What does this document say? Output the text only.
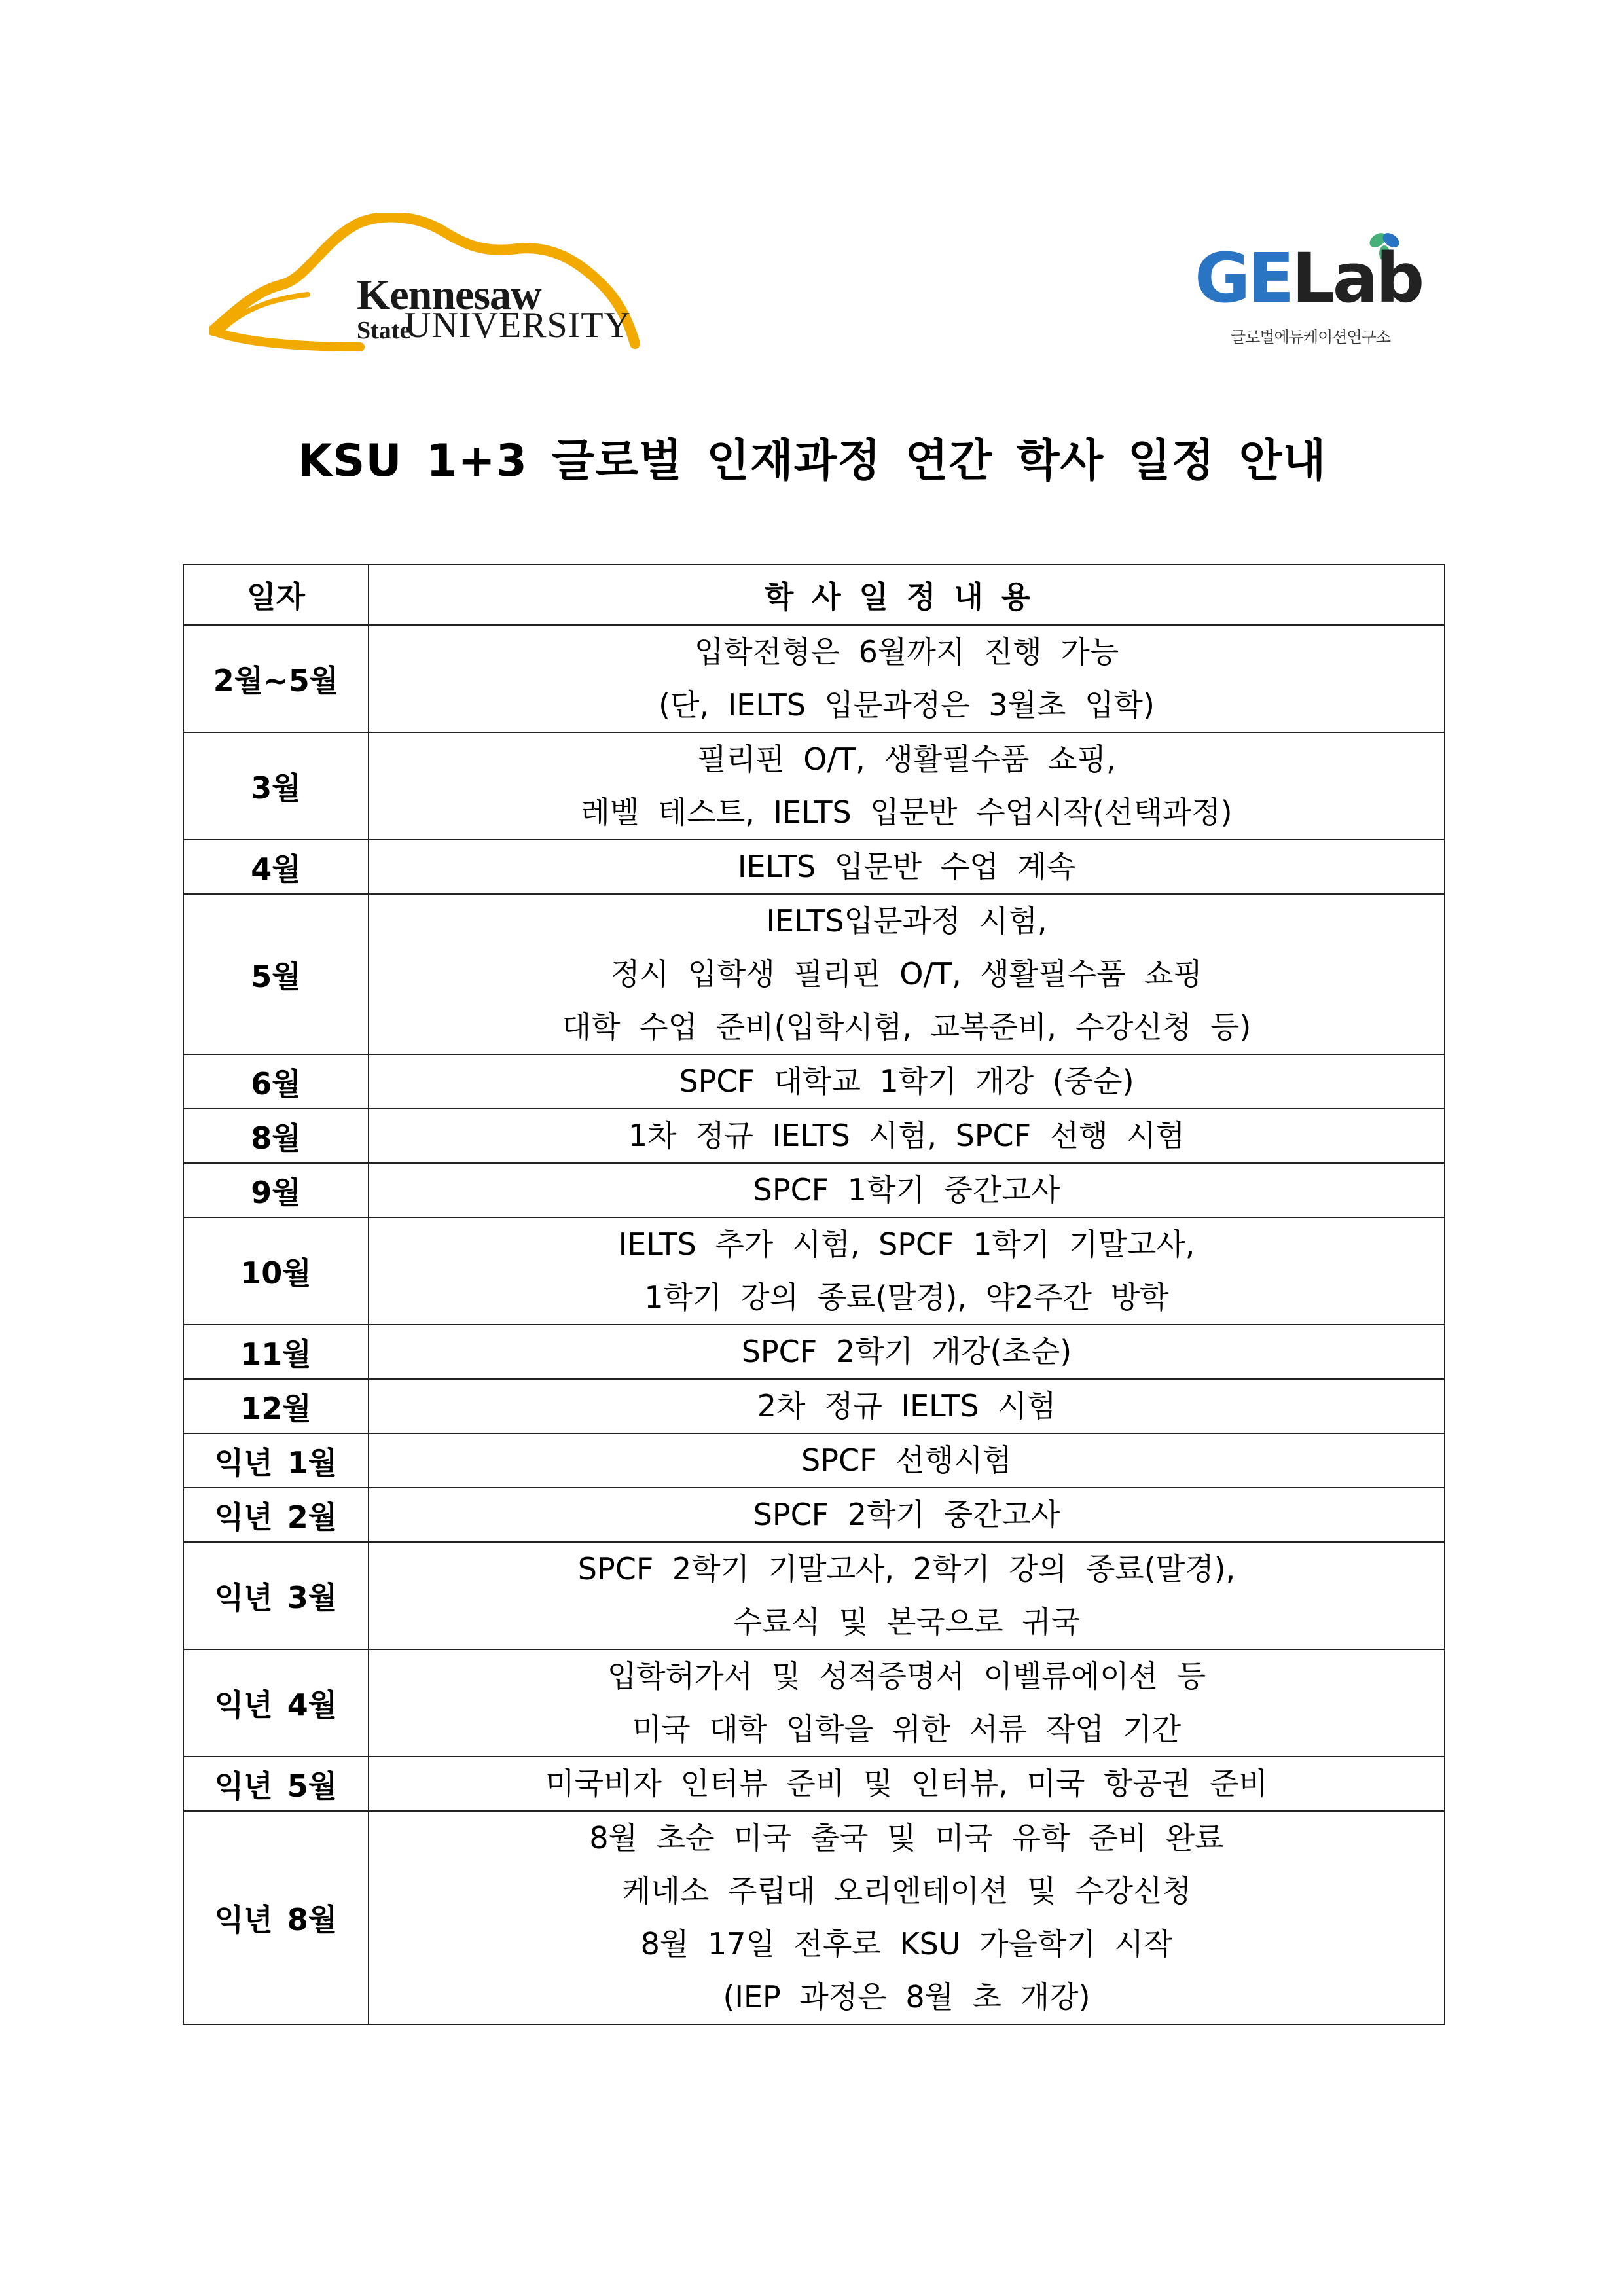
Kennesaw
State
UNIVERSITY
GELab
글로벌에듀케이션연구소
KSU 1+3 글로벌 인재과정 연간 학사 일정 안내
일자	학사일정내용
2월~5월	입학전형은 6월까지 진행 가능
(단, IELTS 입문과정은 3월초 입학)

3월	필리핀 O/T, 생활필수품 쇼핑,
레벨 테스트, IELTS 입문반 수업시작(선택과정)

4월	IELTS 입문반 수업 계속

5월	IELTS입문과정 시험,
정시 입학생 필리핀 O/T, 생활필수품 쇼핑
대학 수업 준비(입학시험, 교복준비, 수강신청 등)

6월	SPCF 대학교 1학기 개강 (중순)

8월	1차 정규 IELTS 시험, SPCF 선행 시험

9월	SPCF 1학기 중간고사

10월	IELTS 추가 시험, SPCF 1학기 기말고사,
1학기 강의 종료(말경), 약2주간 방학

11월	SPCF 2학기 개강(초순)

12월	2차 정규 IELTS 시험

익년 1월	SPCF 선행시험

익년 2월	SPCF 2학기 중간고사

익년 3월	SPCF 2학기 기말고사, 2학기 강의 종료(말경),
수료식 및 본국으로 귀국

익년 4월	입학허가서 및 성적증명서 이벨류에이션 등
미국 대학 입학을 위한 서류 작업 기간

익년 5월	미국비자 인터뷰 준비 및 인터뷰, 미국 항공권 준비

익년 8월	8월 초순 미국 출국 및 미국 유학 준비 완료
케네소 주립대 오리엔테이션 및 수강신청
8월 17일 전후로 KSU 가을학기 시작
(IEP 과정은 8월 초 개강)
